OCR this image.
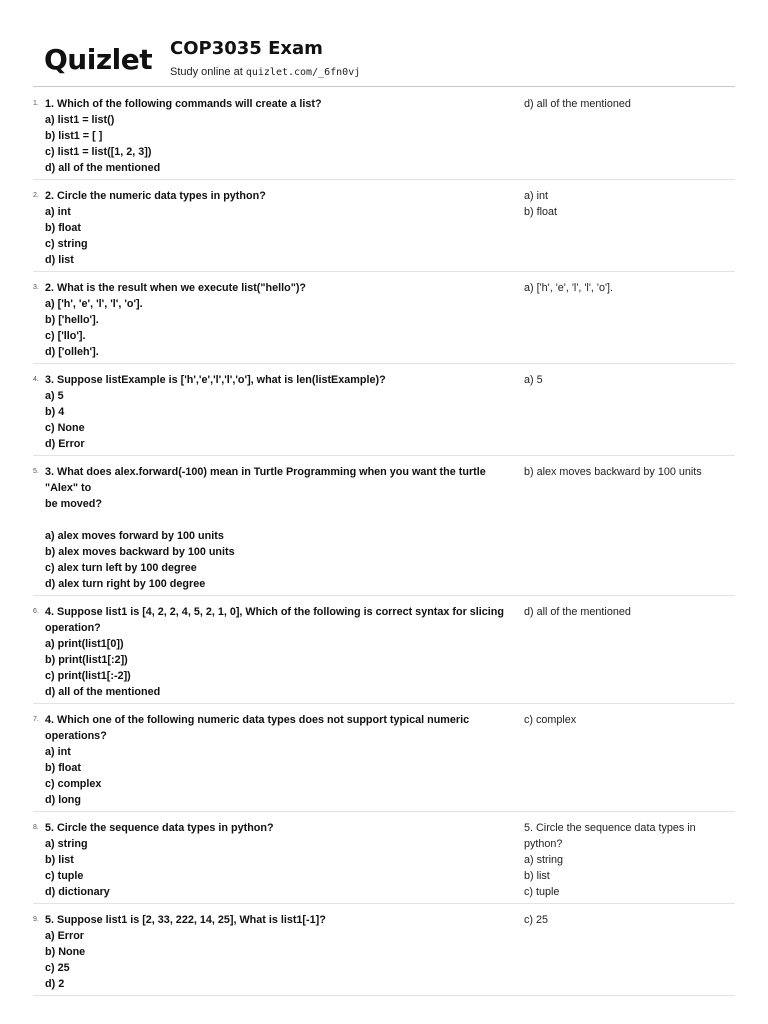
Quizlet COP3035 Exam
Study online at quizlet.com/_6fn0vj
1. 1. Which of the following commands will create a list?
a) list1 = list()
b) list1 = [ ]
c) list1 = list([1, 2, 3])
d) all of the mentioned
d) all of the mentioned
2. 2. Circle the numeric data types in python?
a) int
b) float
c) string
d) list
a) int
b) float
3. 2. What is the result when we execute list("hello")?
a) ['h', 'e', 'l', 'l', 'o'].
b) ['hello'].
c) ['llo'].
d) ['olleh'].
a) ['h', 'e', 'l', 'l', 'o'].
4. 3. Suppose listExample is ['h','e','l','l','o'], what is len(listExample)?
a) 5
b) 4
c) None
d) Error
a) 5
5. 3. What does alex.forward(-100) mean in Turtle Programming when you want the turtle "Alex" to
be moved?

a) alex moves forward by 100 units
b) alex moves backward by 100 units
c) alex turn left by 100 degree
d) alex turn right by 100 degree
b) alex moves backward by 100 units
6. 4. Suppose list1 is [4, 2, 2, 4, 5, 2, 1, 0], Which of the following is correct syntax for slicing
operation?
a) print(list1[0])
b) print(list1[:2])
c) print(list1[:-2])
d) all of the mentioned
d) all of the mentioned
7. 4. Which one of the following numeric data types does not support typical numeric operations?
a) int
b) float
c) complex
d) long
c) complex
8. 5. Circle the sequence data types in python?
a) string
b) list
c) tuple
d) dictionary
5. Circle the sequence data types in python?
a) string
b) list
c) tuple
9. 5. Suppose list1 is [2, 33, 222, 14, 25], What is list1[-1]?
a) Error
b) None
c) 25
d) 2
c) 25
